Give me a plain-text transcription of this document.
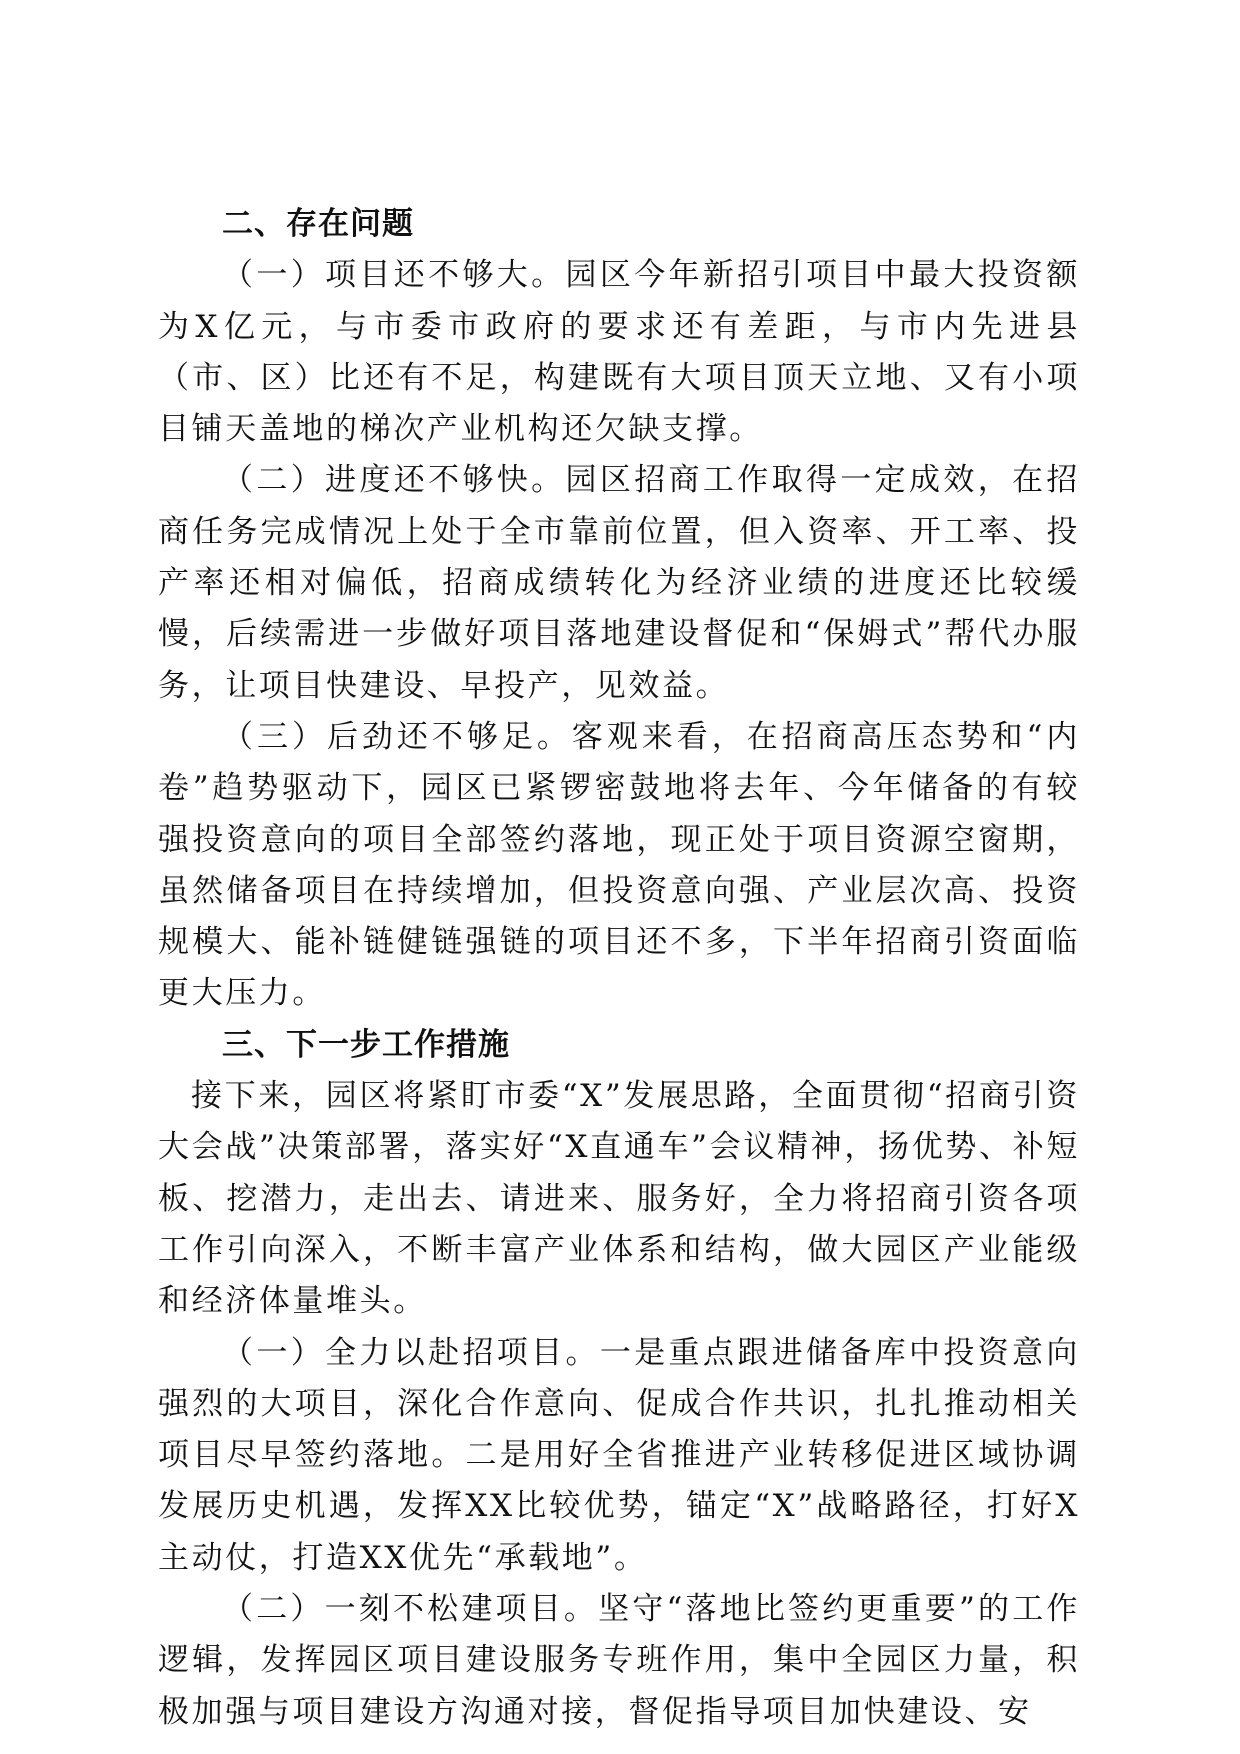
二、存在问题

（一）项目还不够大。园区今年新招引项目中最大投资额为X亿元，与市委市政府的要求还有差距，与市内先进县（市、区）比还有不足，构建既有大项目顶天立地、又有小项目铺天盖地的梯次产业机构还欠缺支撑。

（二）进度还不够快。园区招商工作取得一定成效，在招商任务完成情况上处于全市靠前位置，但入资率、开工率、投产率还相对偏低，招商成绩转化为经济业绩的进度还比较缓慢，后续需进一步做好项目落地建设督促和“保姆式”帮代办服务，让项目快建设、早投产，见效益。

（三）后劲还不够足。客观来看，在招商高压态势和“内卷”趋势驱动下，园区已紧锣密鼓地将去年、今年储备的有较强投资意向的项目全部签约落地，现正处于项目资源空窗期，虽然储备项目在持续增加，但投资意向强、产业层次高、投资规模大、能补链健链强链的项目还不多，下半年招商引资面临更大压力。

三、下一步工作措施

接下来，园区将紧盯市委“X”发展思路，全面贯彻“招商引资大会战”决策部署，落实好“X直通车”会议精神，扬优势、补短板、挖潜力，走出去、请进来、服务好，全力将招商引资各项工作引向深入，不断丰富产业体系和结构，做大园区产业能级和经济体量堆头。

（一）全力以赴招项目。一是重点跟进储备库中投资意向强烈的大项目，深化合作意向、促成合作共识，扎扎推动相关项目尽早签约落地。二是用好全省推进产业转移促进区域协调发展历史机遇，发挥XX比较优势，锚定“X”战略路径，打好X主动仗，打造XX优先“承载地”。

（二）一刻不松建项目。坚守“落地比签约更重要”的工作逻辑，发挥园区项目建设服务专班作用，集中全园区力量，积极加强与项目建设方沟通对接，督促指导项目加快建设、安
